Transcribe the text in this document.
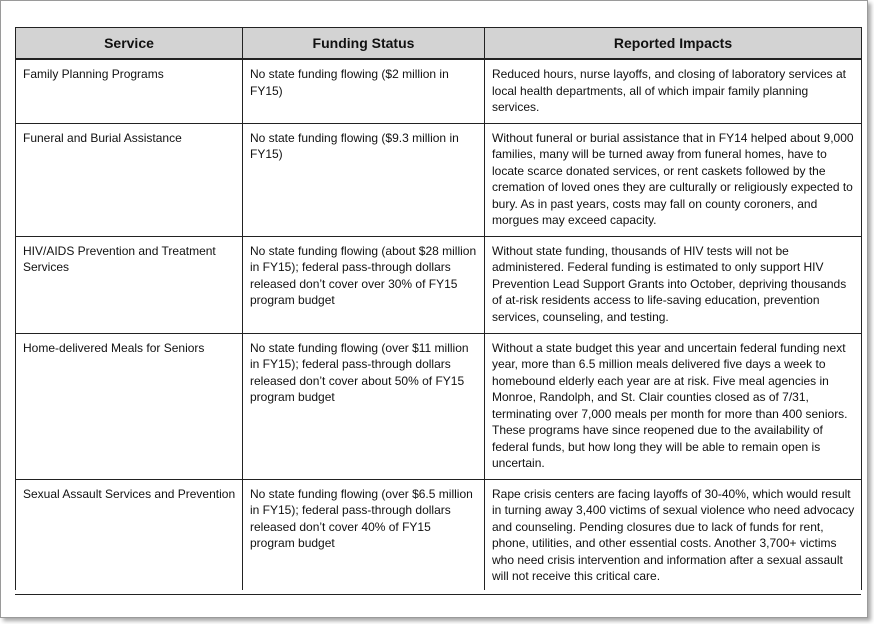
Service	Funding Status	Reported Impacts
Family Planning Programs	No state funding flowing ($2 million in FY15)	Reduced hours, nurse layoffs, and closing of laboratory services at local health departments, all of which impair family planning services.
Funeral and Burial Assistance	No state funding flowing ($9.3 million in FY15)	Without funeral or burial assistance that in FY14 helped about 9,000 families, many will be turned away from funeral homes, have to locate scarce donated services, or rent caskets followed by the cremation of loved ones they are culturally or religiously expected to bury. As in past years, costs may fall on county coroners, and morgues may exceed capacity.
HIV/AIDS Prevention and Treatment Services	No state funding flowing (about $28 million in FY15); federal pass-through dollars released don’t cover over 30% of FY15 program budget	Without state funding, thousands of HIV tests will not be administered. Federal funding is estimated to only support HIV Prevention Lead Support Grants into October, depriving thousands of at-risk residents access to life-saving education, prevention services, counseling, and testing.
Home-delivered Meals for Seniors	No state funding flowing (over $11 million in FY15); federal pass-through dollars released don’t cover about 50% of FY15 program budget	Without a state budget this year and uncertain federal funding next year, more than 6.5 million meals delivered five days a week to homebound elderly each year are at risk. Five meal agencies in Monroe, Randolph, and St. Clair counties closed as of 7/31, terminating over 7,000 meals per month for more than 400 seniors. These programs have since reopened due to the availability of federal funds, but how long they will be able to remain open is uncertain.
Sexual Assault Services and Prevention	No state funding flowing (over $6.5 million in FY15); federal pass-through dollars released don’t cover 40% of FY15 program budget	Rape crisis centers are facing layoffs of 30-40%, which would result in turning away 3,400 victims of sexual violence who need advocacy and counseling. Pending closures due to lack of funds for rent, phone, utilities, and other essential costs. Another 3,700+ victims who need crisis intervention and information after a sexual assault will not receive this critical care.
